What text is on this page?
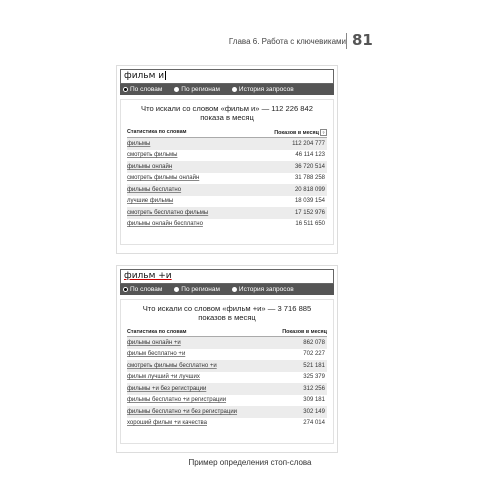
Глава 6. Работа с ключевиками 81
фильм и
По словам	По регионам	История запросов
Что искали со словом «фильм и» — 112 226 842
показа в месяц
Статистика по словам	Показов в месяц ?
фильмы	112 204 777
смотреть фильмы	46 114 123
фильмы онлайн	36 720 514
смотреть фильмы онлайн	31 788 258
фильмы бесплатно	20 818 099
лучшие фильмы	18 039 154
смотреть бесплатно фильмы	17 152 976
фильмы онлайн бесплатно	16 511 650
фильм +и
По словам	По регионам	История запросов
Что искали со словом «фильм +и» — 3 716 885
показов в месяц
Статистика по словам	Показов в месяц
фильмы онлайн +и	862 078
фильм бесплатно +и	702 227
смотреть фильмы бесплатно +и	521 181
фильм лучший +и лучших	325 379
фильмы +и без регистрации	312 256
фильмы бесплатно +и регистрации	309 181
фильмы бесплатно +и без регистрации	302 149
хороший фильм +и качества	274 014
Пример определения стоп-слова
